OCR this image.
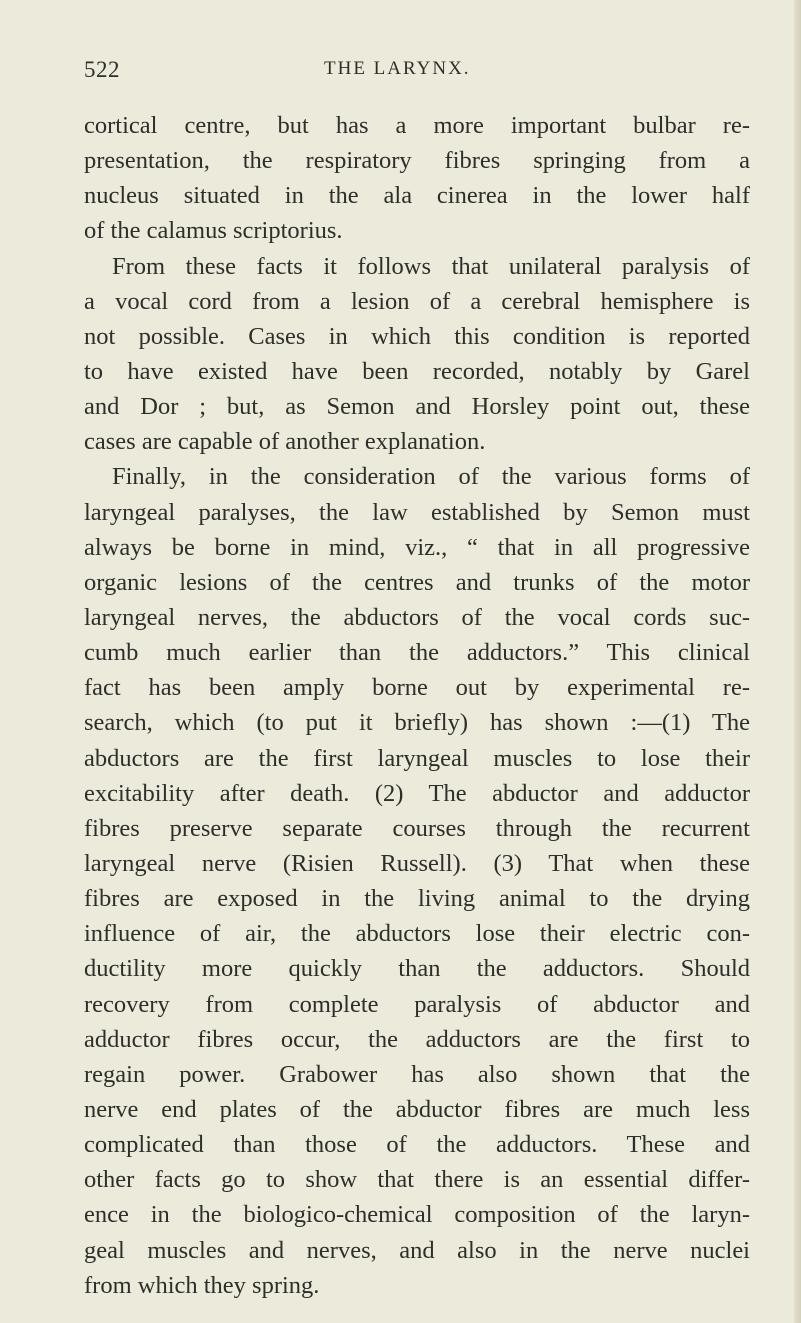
522	THE LARYNX.
cortical centre, but has a more important bulbar re-
presentation, the respiratory fibres springing from a
nucleus situated in the ala cinerea in the lower half
of the calamus scriptorius.
From these facts it follows that unilateral paralysis of
a vocal cord from a lesion of a cerebral hemisphere is
not possible. Cases in which this condition is reported
to have existed have been recorded, notably by Garel
and Dor ; but, as Semon and Horsley point out, these
cases are capable of another explanation.
Finally, in the consideration of the various forms of
laryngeal paralyses, the law established by Semon must
always be borne in mind, viz., “ that in all progressive
organic lesions of the centres and trunks of the motor
laryngeal nerves, the abductors of the vocal cords suc-
cumb much earlier than the adductors.” This clinical
fact has been amply borne out by experimental re-
search, which (to put it briefly) has shown :—(1) The
abductors are the first laryngeal muscles to lose their
excitability after death. (2) The abductor and adductor
fibres preserve separate courses through the recurrent
laryngeal nerve (Risien Russell). (3) That when these
fibres are exposed in the living animal to the drying
influence of air, the abductors lose their electric con-
ductility more quickly than the adductors. Should
recovery from complete paralysis of abductor and
adductor fibres occur, the adductors are the first to
regain power. Grabower has also shown that the
nerve end plates of the abductor fibres are much less
complicated than those of the adductors. These and
other facts go to show that there is an essential differ-
ence in the biologico-chemical composition of the laryn-
geal muscles and nerves, and also in the nerve nuclei
from which they spring.
